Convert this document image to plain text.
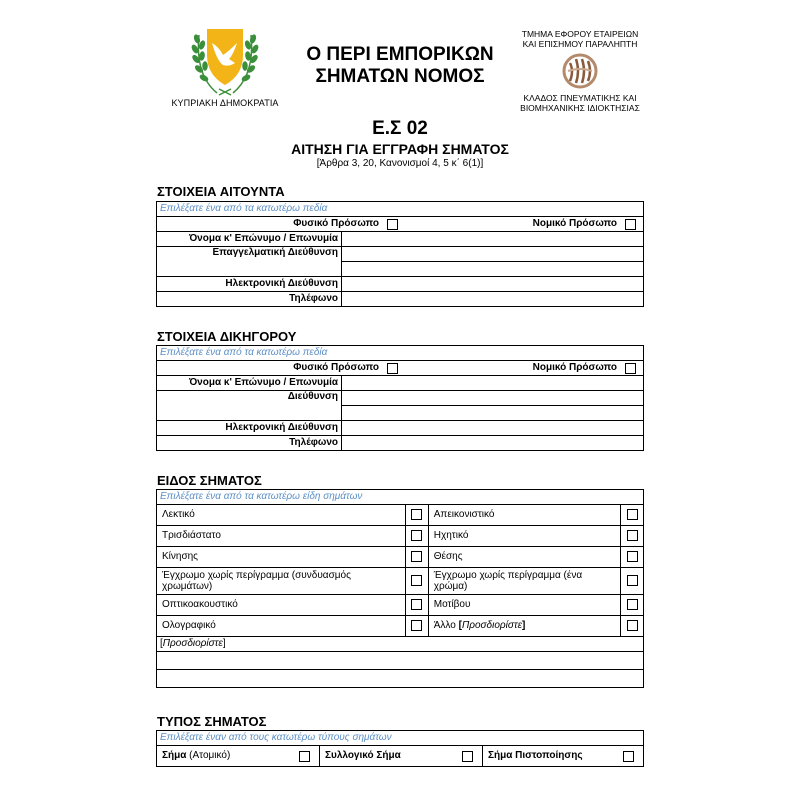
ΚΥΠΡΙΑΚΗ ΔΗΜΟΚΡΑΤΙΑ
Ο ΠΕΡΙ ΕΜΠΟΡΙΚΩΝ
ΣΗΜΑΤΩΝ ΝΟΜΟΣ
ΤΜΗΜΑ ΕΦΟΡΟΥ ΕΤΑΙΡΕΙΩΝ
ΚΑΙ ΕΠΙΣΗΜΟΥ ΠΑΡΑΛΗΠΤΗ
ΚΛΑΔΟΣ ΠΝΕΥΜΑΤΙΚΗΣ ΚΑΙ
ΒΙΟΜΗΧΑΝΙΚΗΣ ΙΔΙΟΚΤΗΣΙΑΣ
Ε.Σ 02
ΑΙΤΗΣΗ ΓΙΑ ΕΓΓΡΑΦΗ ΣΗΜΑΤΟΣ
[Άρθρα 3, 20, Κανονισμοί 4, 5 κ΄ 6(1)]
ΣΤΟΙΧΕΙΑ ΑΙΤΟΥΝΤΑ
Επιλέξατε ένα από τα κατωτέρω πεδία	

Φυσικό Πρόσωπο Νομικό Πρόσωπο	

Όνομα κ' Επώνυμο / Επωνυμία	
Επαγγελματική Διεύθυνση	

Ηλεκτρονική Διεύθυνση	
Τηλέφωνο	
ΣΤΟΙΧΕΙΑ ΔΙΚΗΓΟΡΟΥ
Επιλέξατε ένα από τα κατωτέρω πεδία	

Φυσικό Πρόσωπο Νομικό Πρόσωπο	

Όνομα κ' Επώνυμο / Επωνυμία	
Διεύθυνση	

Ηλεκτρονική Διεύθυνση	
Τηλέφωνο	
ΕΙΔΟΣ ΣΗΜΑΤΟΣ
Επιλέξατε ένα από τα κατωτέρω είδη σημάτων			
Λεκτικό		Απεικονιστικό	
Τρισδιάστατο		Ηχητικό	
Κίνησης		Θέσης	
Έγχρωμο χωρίς περίγραμμα (συνδυασμός χρωμάτων)		Έγχρωμο χωρίς περίγραμμα (ένα χρώμα)	
Οπτικοακουστικό		Μοτίβου	
Ολογραφικό		Άλλο [Προσδιορίστε]	
[Προσδιορίστε]			

ΤΥΠΟΣ ΣΗΜΑΤΟΣ
Επιλέξατε έναν από τους κατωτέρω τύπους σημάτων

Σήμα (Ατομικό)	Συλλογικό Σήμα	Σήμα Πιστοποίησης
